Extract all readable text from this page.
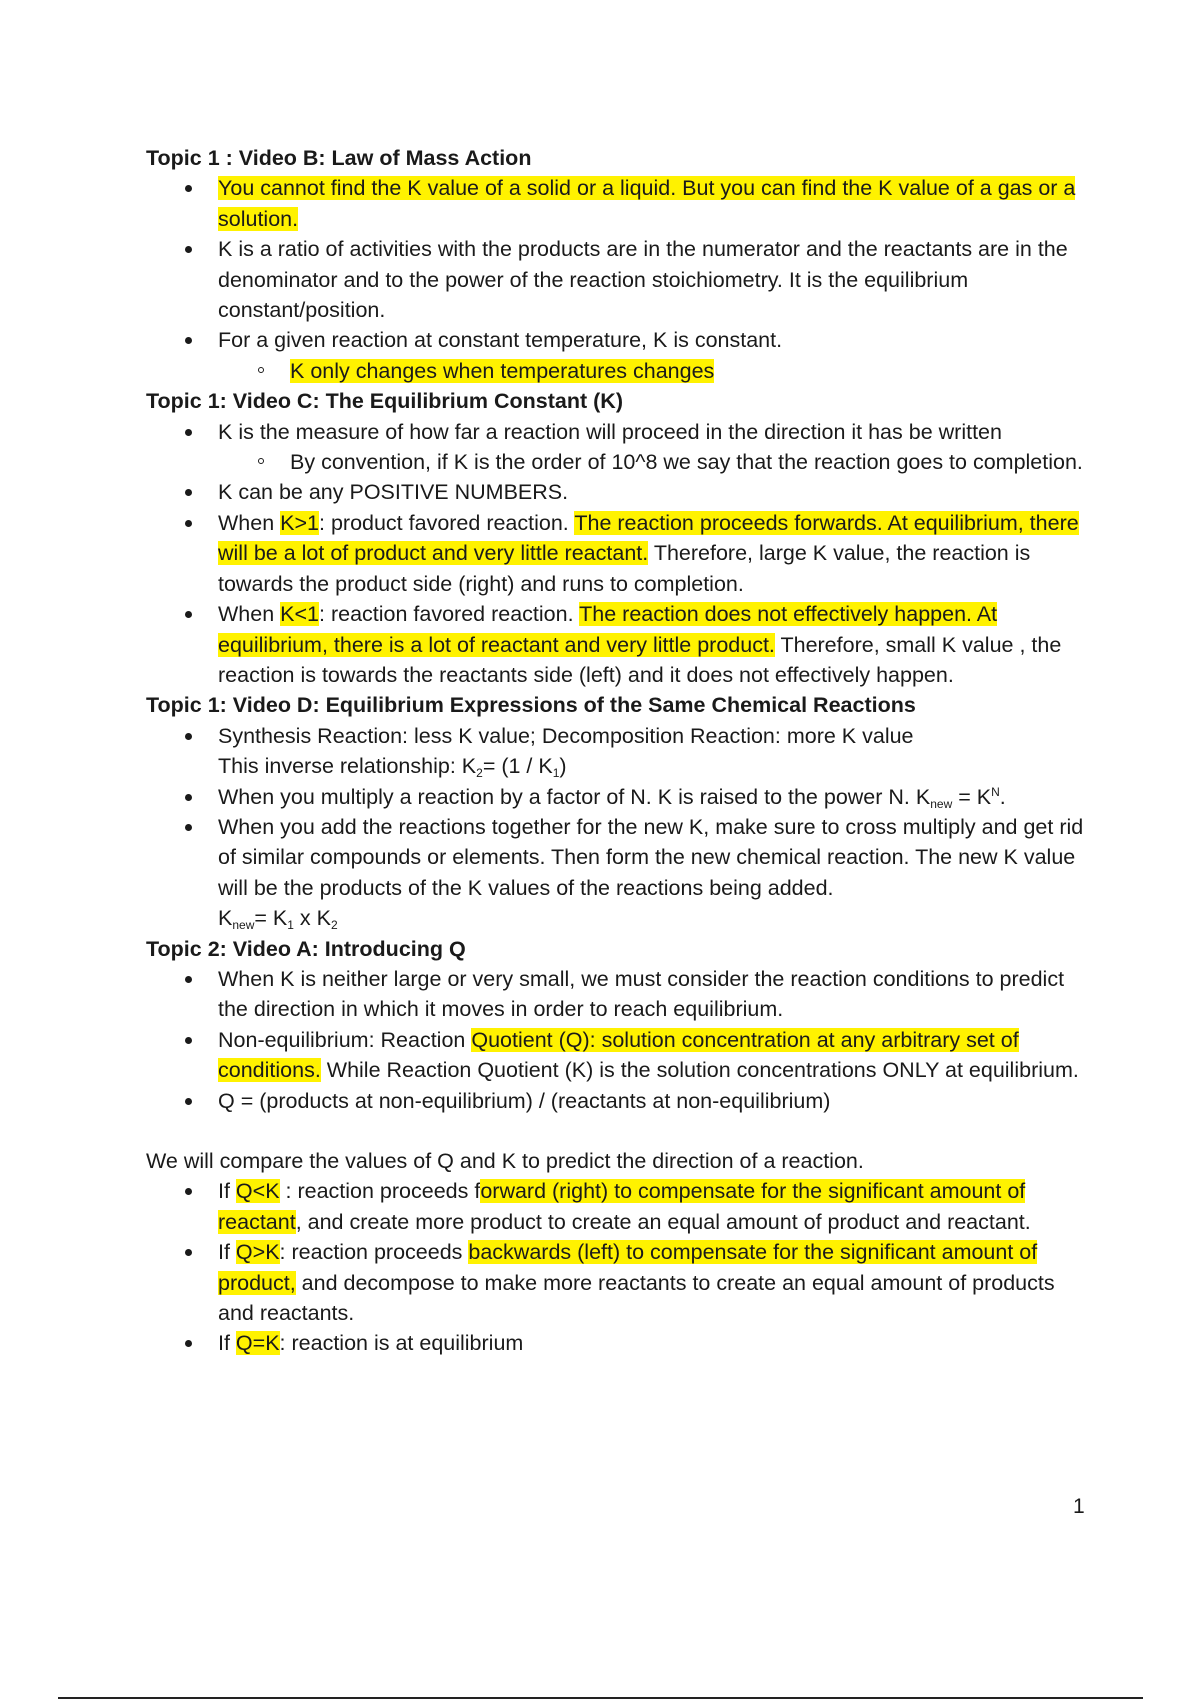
Topic 1 : Video B: Law of Mass Action

You cannot find the K value of a solid or a liquid. But you can find the K value of a gas or a solution.
K is a ratio of activities with the products are in the numerator and the reactants are in the denominator and to the power of the reaction stoichiometry. It is the equilibrium constant/position.
For a given reaction at constant temperature, K is constant.
K only changes when temperatures changes

Topic 1: Video C: The Equilibrium Constant (K)

K is the measure of how far a reaction will proceed in the direction it has be written
By convention, if K is the order of 10^8 we say that the reaction goes to completion.
K can be any POSITIVE NUMBERS.
When K>1: product favored reaction. The reaction proceeds forwards. At equilibrium, there will be a lot of product and very little reactant. Therefore, large K value, the reaction is towards the product side (right) and runs to completion.
When K<1: reaction favored reaction. The reaction does not effectively happen. At equilibrium, there is a lot of reactant and very little product. Therefore, small K value , the reaction is towards the reactants side (left) and it does not effectively happen.

Topic 1: Video D: Equilibrium Expressions of the Same Chemical Reactions

Synthesis Reaction: less K value; Decomposition Reaction: more K value
This inverse relationship: $K_2= (1 / K_1)$
When you multiply a reaction by a factor of N. K is raised to the power N. $K_{new} = K^N$.
When you add the reactions together for the new K, make sure to cross multiply and get rid of similar compounds or elements. Then form the new chemical reaction. The new K value will be the products of the K values of the reactions being added.
$K_{new}= K_1$ x $K_2$

Topic 2: Video A: Introducing Q

When K is neither large or very small, we must consider the reaction conditions to predict the direction in which it moves in order to reach equilibrium.
Non-equilibrium: Reaction Quotient (Q): solution concentration at any arbitrary set of conditions. While Reaction Quotient (K) is the solution concentrations ONLY at equilibrium.
Q = (products at non-equilibrium) / (reactants at non-equilibrium)

We will compare the values of Q and K to predict the direction of a reaction.

If Q<K : reaction proceeds forward (right) to compensate for the significant amount of reactant, and create more product to create an equal amount of product and reactant.
If Q>K: reaction proceeds backwards (left) to compensate for the significant amount of product, and decompose to make more reactants to create an equal amount of products and reactants.
If Q=K: reaction is at equilibrium
1
